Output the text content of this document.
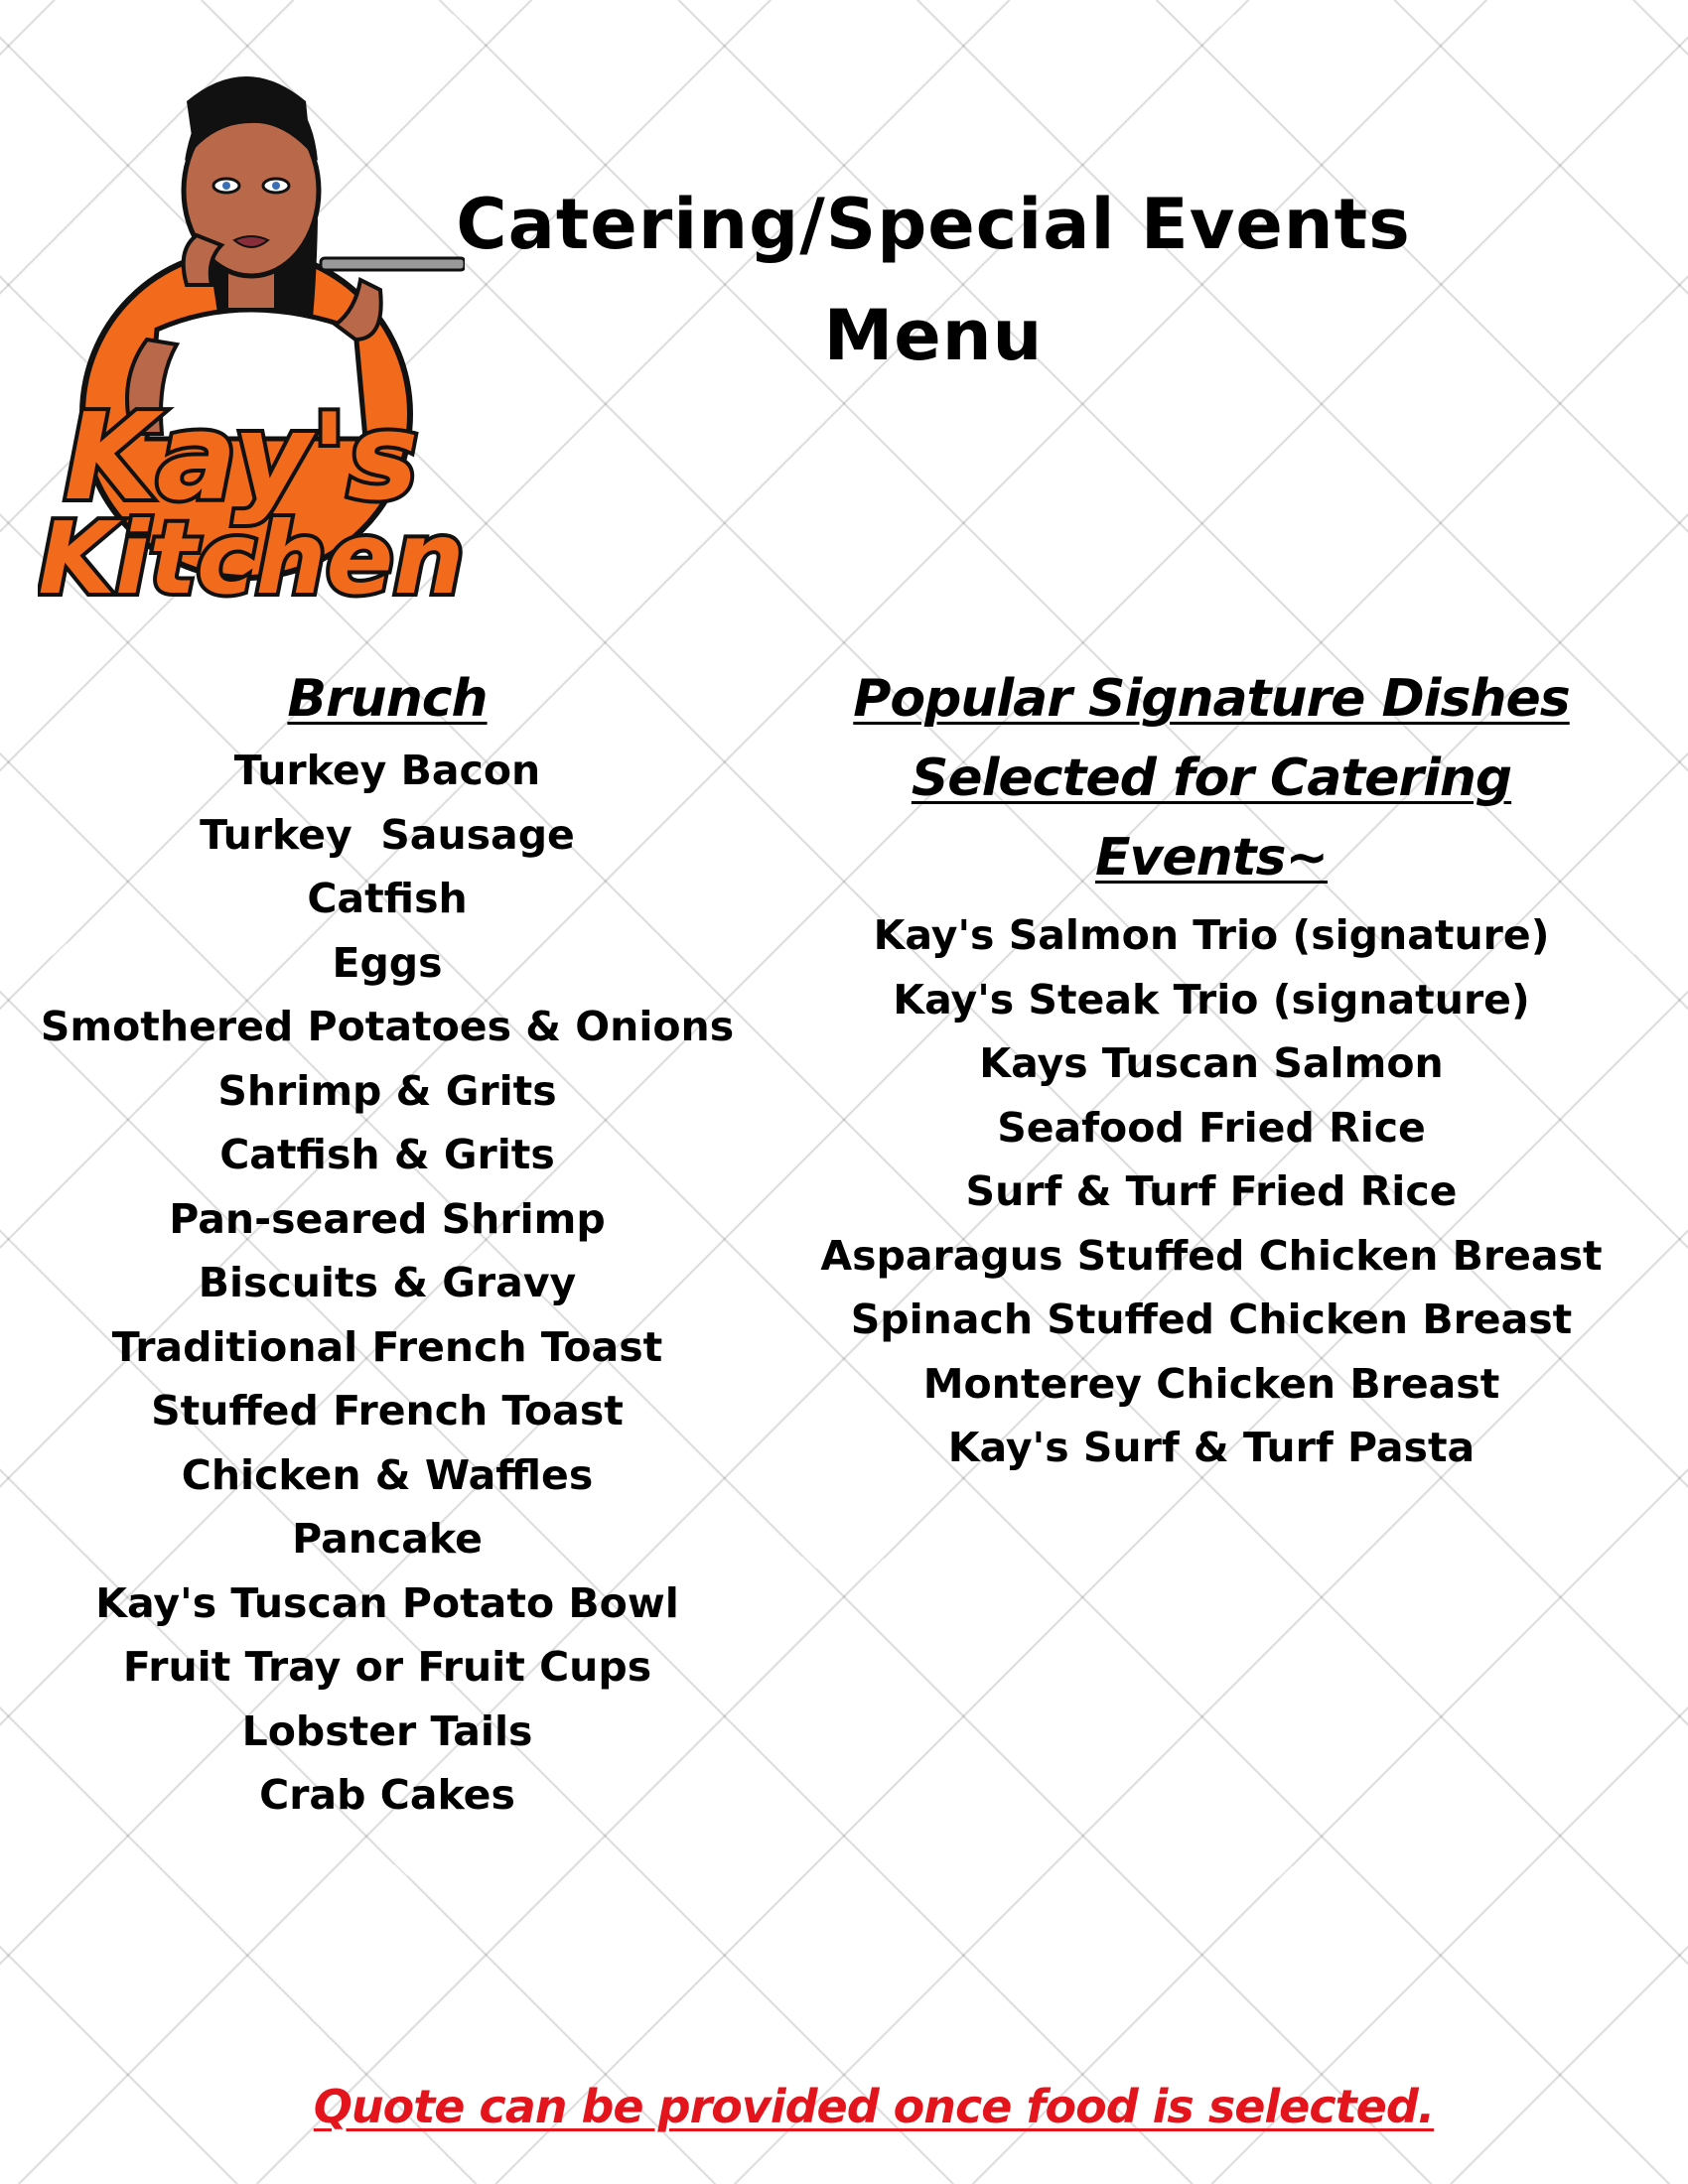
Kay's
Kitchen
Catering/Special Events
Menu
Brunch
Turkey Bacon
Turkey  Sausage
Catfish
Eggs
Smothered Potatoes & Onions
Shrimp & Grits
Catfish & Grits
Pan-seared Shrimp
Biscuits & Gravy
Traditional French Toast
Stuffed French Toast
Chicken & Waffles
Pancake
Kay's Tuscan Potato Bowl
Fruit Tray or Fruit Cups
Lobster Tails
Crab Cakes
Popular Signature Dishes
Selected for Catering Events~
Kay's Salmon Trio (signature)
Kay's Steak Trio (signature)
Kays Tuscan Salmon
Seafood Fried Rice
Surf & Turf Fried Rice
Asparagus Stuffed Chicken Breast
Spinach Stuffed Chicken Breast
Monterey Chicken Breast
Kay's Surf & Turf Pasta

Quote can be provided once food is selected.
